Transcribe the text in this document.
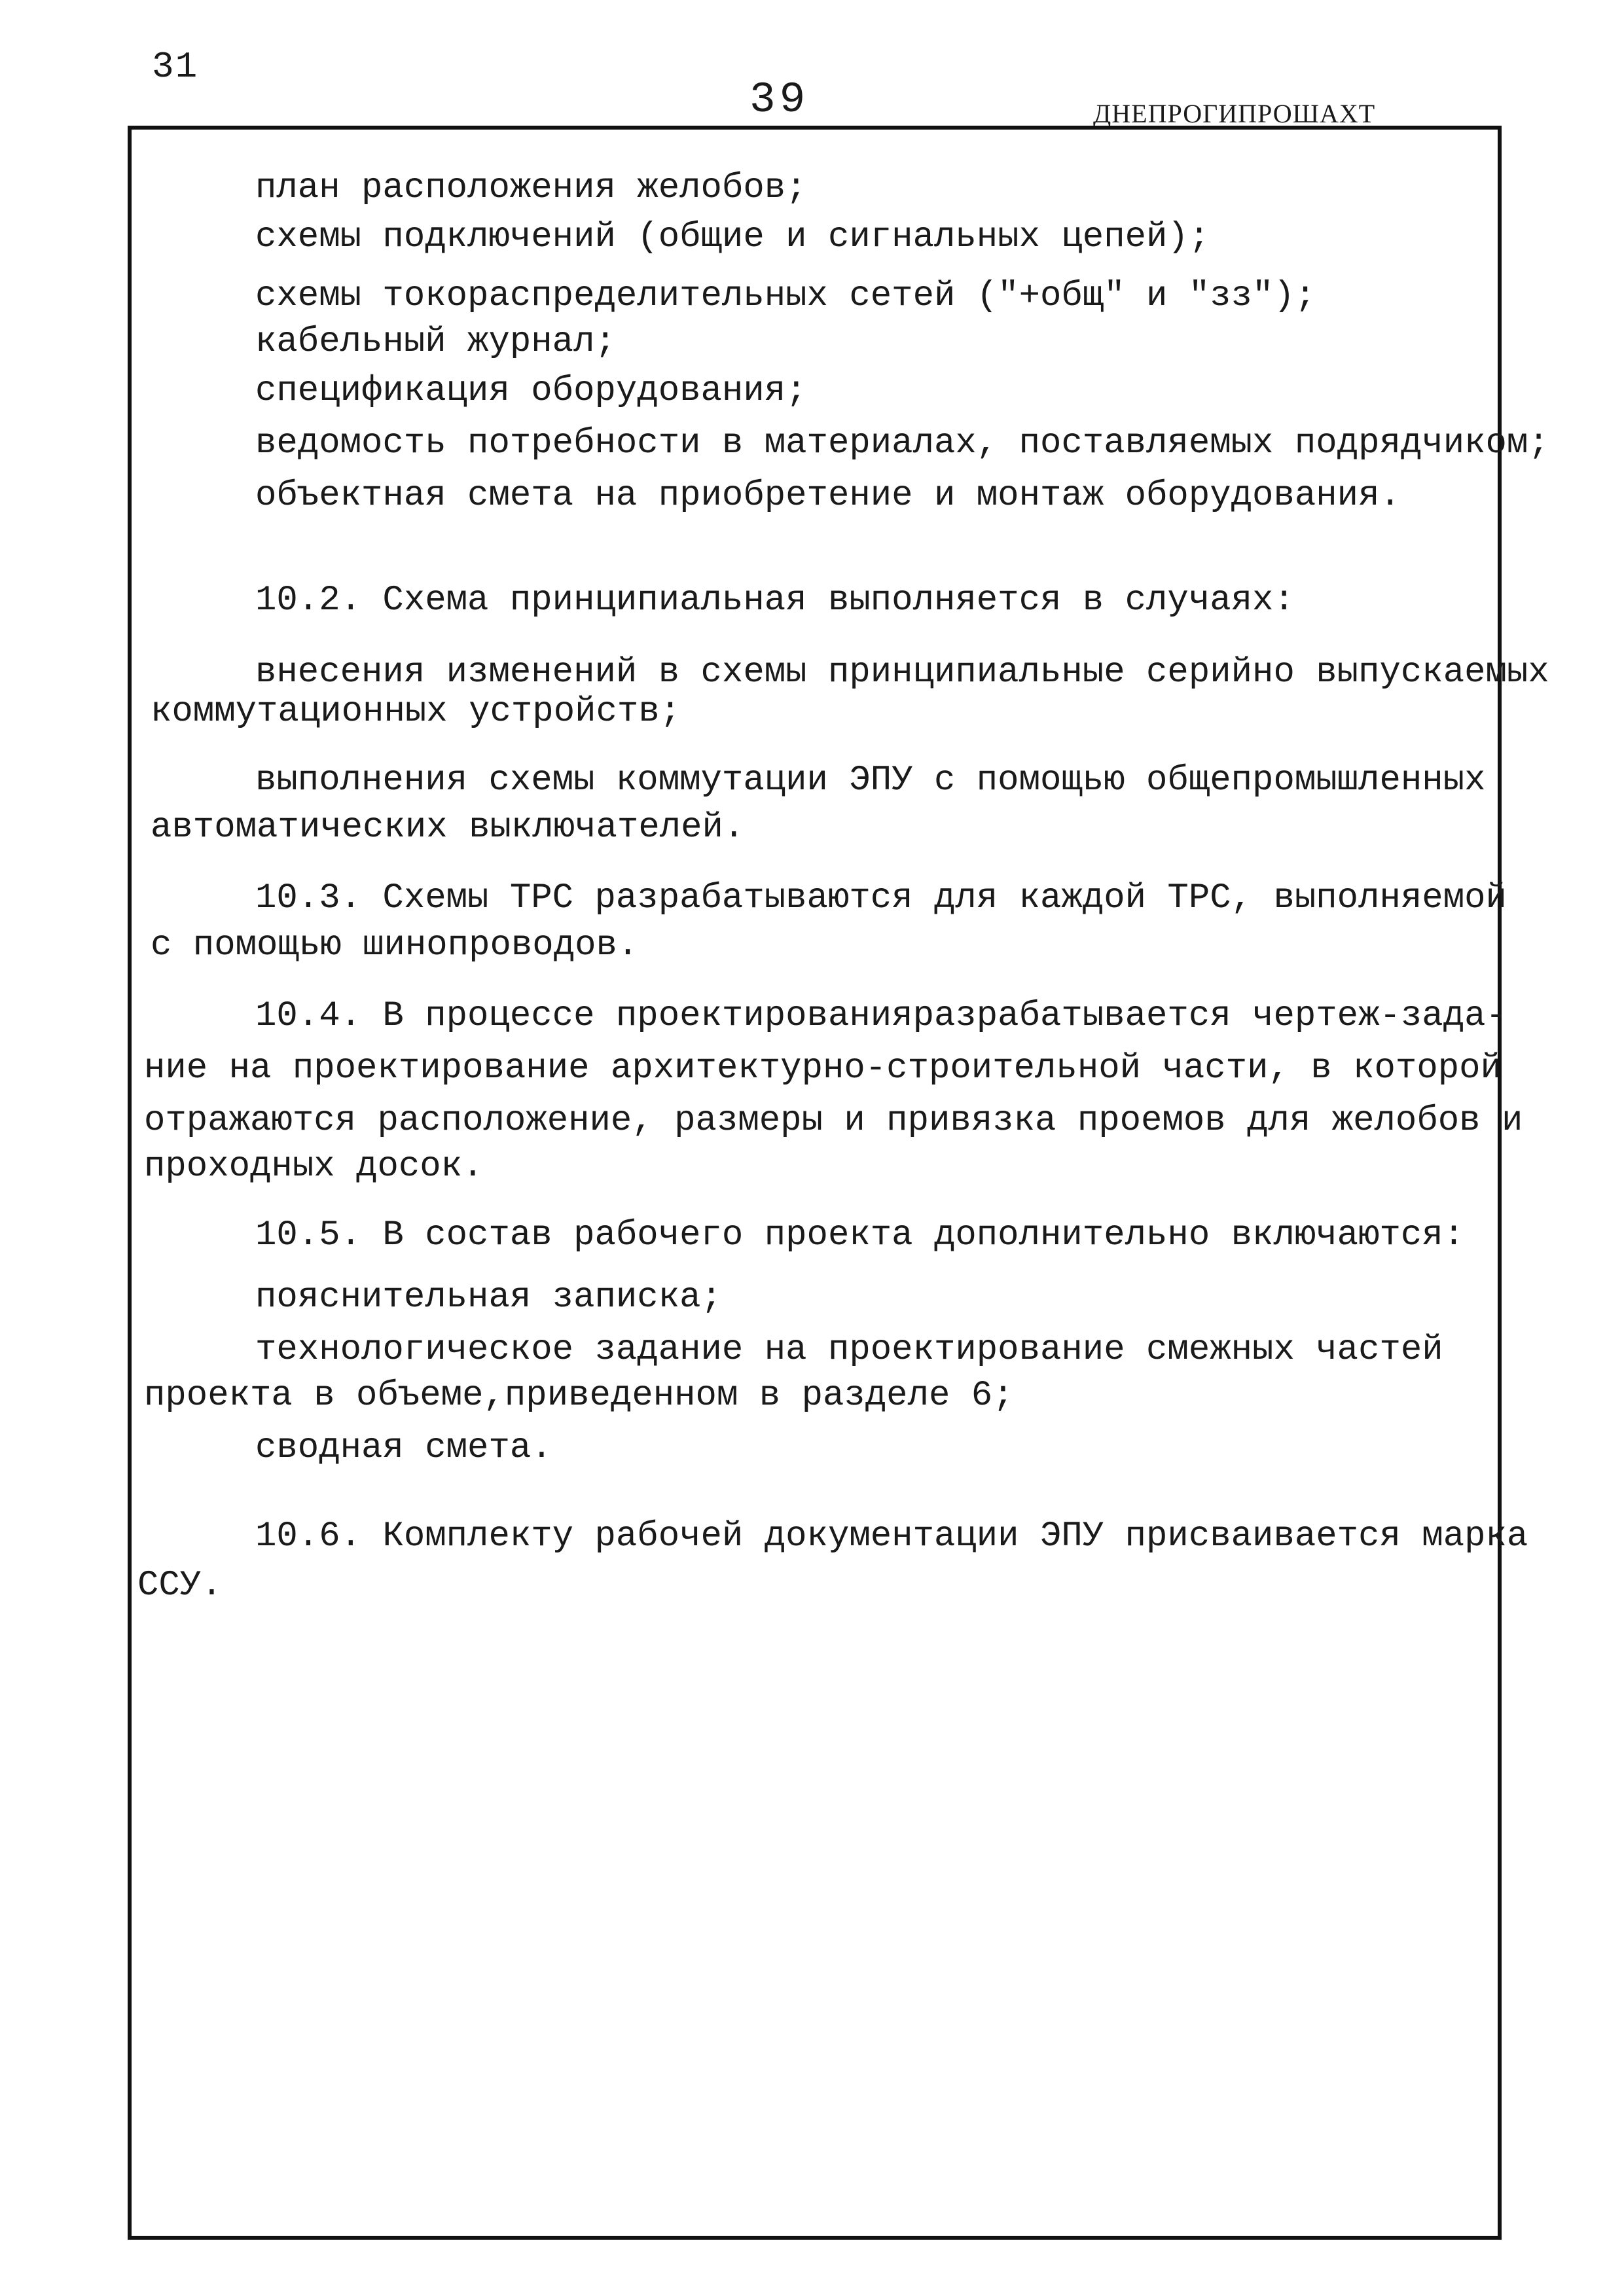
31
39	ДНЕПРОГИПРОШАХТ
план расположения желобов;
схемы подключений (общие и сигнальных цепей);
схемы токораспределительных сетей ("+общ" и "зз");
кабельный журнал;
спецификация оборудования;
ведомость потребности в материалах, поставляемых подрядчиком;
объектная смета на приобретение и монтаж оборудования.
10.2. Схема принципиальная выполняется в случаях:
внесения изменений в схемы принципиальные серийно выпускаемых
коммутационных устройств;
выполнения схемы коммутации ЭПУ с помощью общепромышленных
автоматических выключателей.
10.3. Схемы ТРС разрабатываются для каждой ТРС, выполняемой
с помощью шинопроводов.
10.4. В процессе проектированияразрабатывается чертеж-зада-
ние на проектирование архитектурно-строительной части, в которой
отражаются расположение, размеры и привязка проемов для желобов и
проходных досок.
10.5. В состав рабочего проекта дополнительно включаются:
пояснительная записка;
технологическое задание на проектирование смежных частей
проекта в объеме,приведенном в разделе 6;
сводная смета.
10.6. Комплекту рабочей документации ЭПУ присваивается марка
ССУ.
